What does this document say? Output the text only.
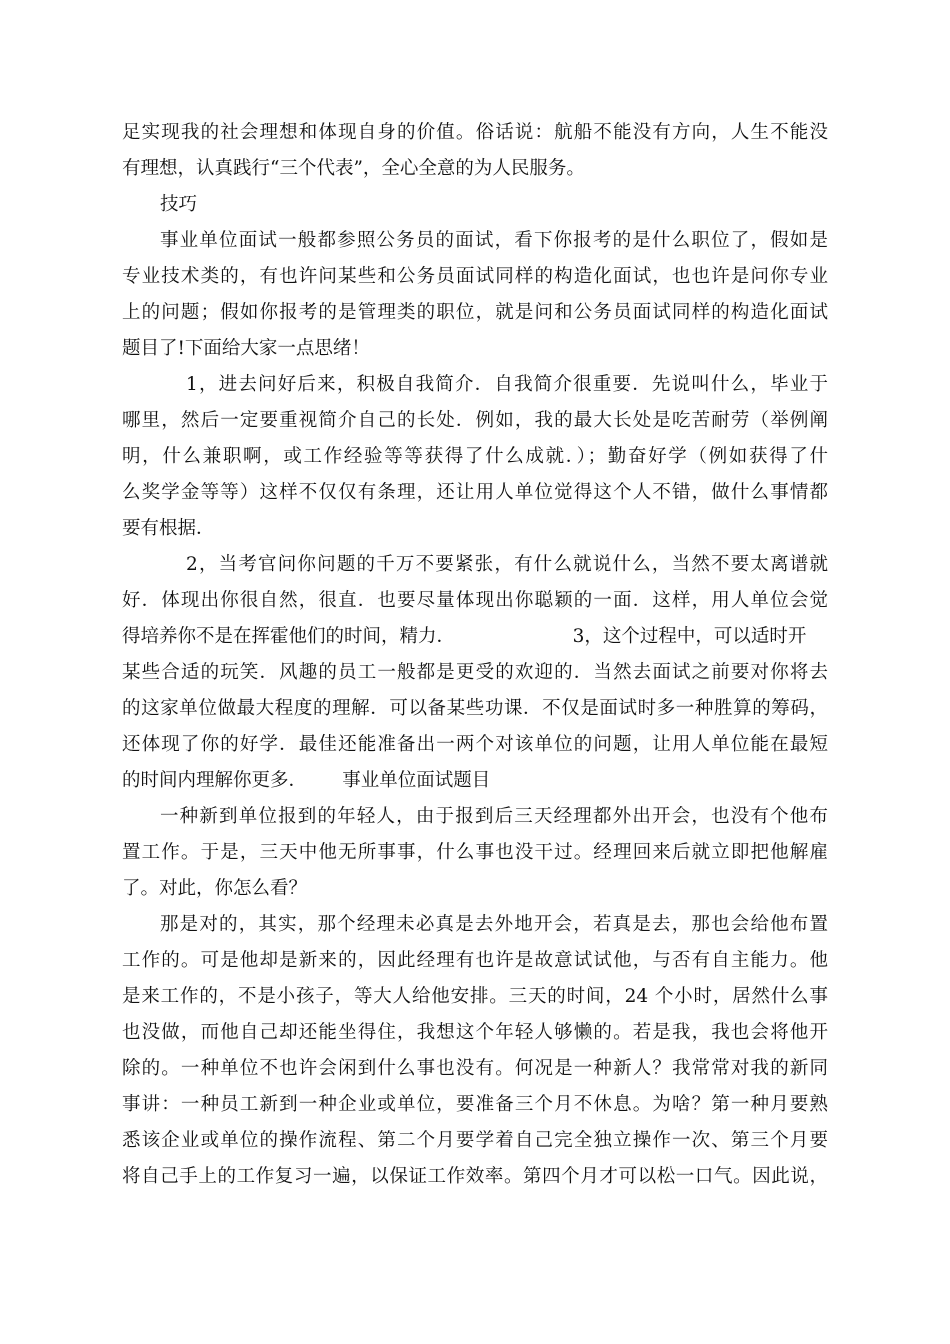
足实现我的社会理想和体现自身的价值。俗话说：航船不能没有方向，人生不能没
有理想，认真践行“三个代表”，全心全意的为人民服务。
技巧
事业单位面试一般都参照公务员的面试，看下你报考的是什么职位了，假如是
专业技术类的，有也许问某些和公务员面试同样的构造化面试，也也许是问你专业
上的问题；假如你报考的是管理类的职位，就是问和公务员面试同样的构造化面试
题目了!下面给大家一点思绪！
1，进去问好后来，积极自我简介．自我简介很重要．先说叫什么，毕业于
哪里，然后一定要重视简介自己的长处．例如，我的最大长处是吃苦耐劳（举例阐
明，什么兼职啊，或工作经验等等获得了什么成就．）；勤奋好学（例如获得了什
么奖学金等等）这样不仅仅有条理，还让用人单位觉得这个人不错，做什么事情都
要有根据．
2，当考官问你问题的千万不要紧张，有什么就说什么，当然不要太离谱就
好．体现出你很自然，很直．也要尽量体现出你聪颖的一面．这样，用人单位会觉
得培养你不是在挥霍他们的时间，精力．                    3，这个过程中，可以适时开
某些合适的玩笑．风趣的员工一般都是更受的欢迎的．当然去面试之前要对你将去
的这家单位做最大程度的理解．可以备某些功课．不仅是面试时多一种胜算的筹码，
还体现了你的好学．最佳还能准备出一两个对该单位的问题，让用人单位能在最短
的时间内理解你更多．      事业单位面试题目
一种新到单位报到的年轻人，由于报到后三天经理都外出开会，也没有个他布
置工作。于是，三天中他无所事事，什么事也没干过。经理回来后就立即把他解雇
了。对此，你怎么看？
那是对的，其实，那个经理未必真是去外地开会，若真是去，那也会给他布置
工作的。可是他却是新来的，因此经理有也许是故意试试他，与否有自主能力。他
是来工作的，不是小孩子，等大人给他安排。三天的时间，24 个小时，居然什么事
也没做，而他自己却还能坐得住，我想这个年轻人够懒的。若是我，我也会将他开
除的。一种单位不也许会闲到什么事也没有。何况是一种新人？我常常对我的新同
事讲：一种员工新到一种企业或单位，要准备三个月不休息。为啥？第一种月要熟
悉该企业或单位的操作流程、第二个月要学着自己完全独立操作一次、第三个月要
将自己手上的工作复习一遍，以保证工作效率。第四个月才可以松一口气。因此说，
